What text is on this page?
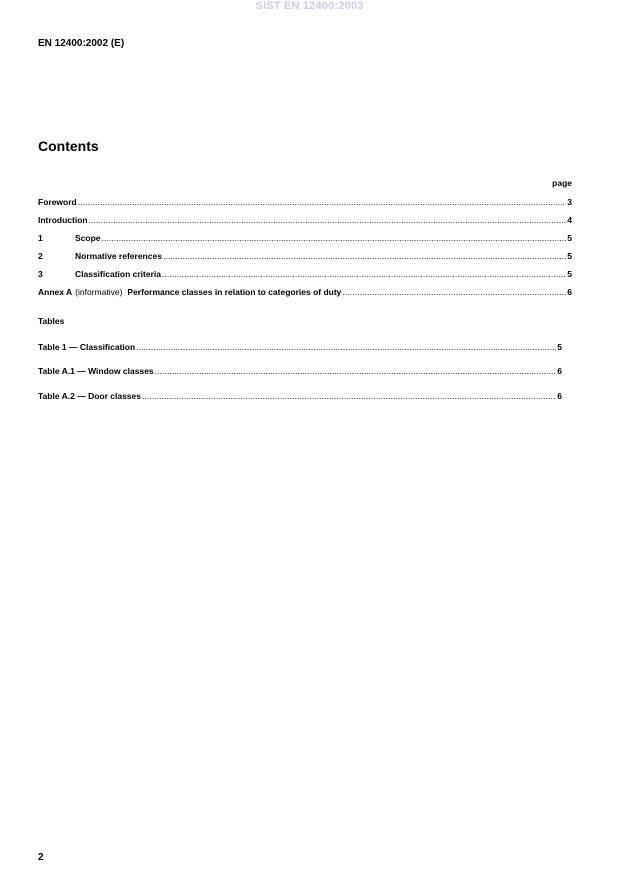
SIST EN 12400:2003
EN 12400:2002 (E)
Contents
page
Foreword .....	3
Introduction .....	4
1	Scope .....	5
2	Normative references .....	5
3	Classification criteria .....	5
Annex A (informative) Performance classes in relation to categories of duty .....	6
Tables
Table 1 — Classification .....	5
Table A.1 — Window classes .....	6
Table A.2 — Door classes .....	6
2
